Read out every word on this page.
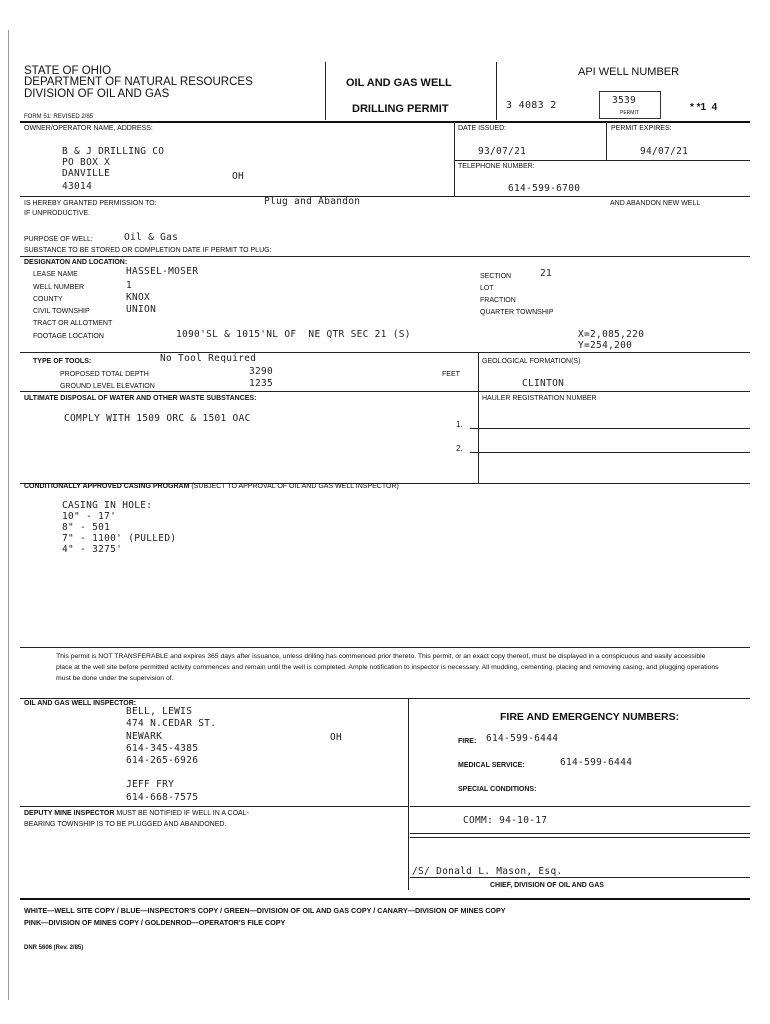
STATE OF OHIO
DEPARTMENT OF NATURAL RESOURCES
DIVISION OF OIL AND GAS
FORM 51: REVISED 2/85
OIL AND GAS WELL
DRILLING PERMIT
API WELL NUMBER
3 4083 2	3539
PERMIT	* *1  4
OWNER/OPERATOR NAME, ADDRESS:
B & J DRILLING CO
PO BOX X
DANVILLE	OH
43014
DATE ISSUED:
93/07/21
PERMIT EXPIRES:
94/07/21
TELEPHONE NUMBER:
614-599-6700
IS HEREBY GRANTED PERMISSION TO:	Plug and Abandon	AND ABANDON NEW WELL
IF UNPRODUCTIVE.
PURPOSE OF WELL:	Oil & Gas
SUBSTANCE TO BE STORED OR COMPLETION DATE IF PERMIT TO PLUG:
DESIGNATON AND LOCATION:
LEASE NAME	HASSEL-MOSER
WELL NUMBER	1
COUNTY	KNOX
CIVIL TOWNSHIP	UNION
TRACT OR ALLOTMENT
FOOTAGE LOCATION	1090'SL & 1015'NL OF  NE QTR SEC 21 (S)
SECTION	21
LOT
FRACTION
QUARTER TOWNSHIP
X=2,085,220
Y=254,200
TYPE OF TOOLS:	No Tool Required
PROPOSED TOTAL DEPTH	3290	FEET
GROUND LEVEL ELEVATION	1235
GEOLOGICAL FORMATION(S)
CLINTON
ULTIMATE DISPOSAL OF WATER AND OTHER WASTE SUBSTANCES:
COMPLY WITH 1509 ORC & 1501 OAC
HAULER REGISTRATION NUMBER
1.
2.
CONDITIONALLY APPROVED CASING PROGRAM (SUBJECT TO APPROVAL OF OIL AND GAS WELL INSPECTOR)
CASING IN HOLE:
10" - 17'
8" - 501
7" - 1100' (PULLED)
4" - 3275'
This permit is NOT TRANSFERABLE and expires 365 days after issuance, unless drilling has commenced prior thereto. This permit, or an exact copy thereof, must be displayed in a conspicuous and easily accessible place at the well site before permitted activity commences and remain until the well is completed. Ample notification to inspector is necessary. All mudding, cementing, placing and removing casing, and plugging operations must be done under the supervision of.
OIL AND GAS WELL INSPECTOR:
BELL, LEWIS
474 N.CEDAR ST.
NEWARK	OH
614-345-4385
614-265-6926
JEFF FRY
614-668-7575
DEPUTY MINE INSPECTOR MUST BE NOTIFIED IF WELL IN A COAL-
BEARING TOWNSHIP IS TO BE PLUGGED AND ABANDONED.
FIRE AND EMERGENCY NUMBERS:
FIRE: 614-599-6444
MEDICAL SERVICE:	614-599-6444
SPECIAL CONDITIONS:
COMM: 94-10-17
/S/ Donald L. Mason, Esq.
CHIEF, DIVISION OF OIL AND GAS
WHITE—WELL SITE COPY / BLUE—INSPECTOR'S COPY / GREEN—DIVISION OF OIL AND GAS COPY / CANARY—DIVISION OF MINES COPY
PINK—DIVISION OF MINES COPY / GOLDENROD—OPERATOR'S FILE COPY
DNR 5606 (Rev. 2/85)
